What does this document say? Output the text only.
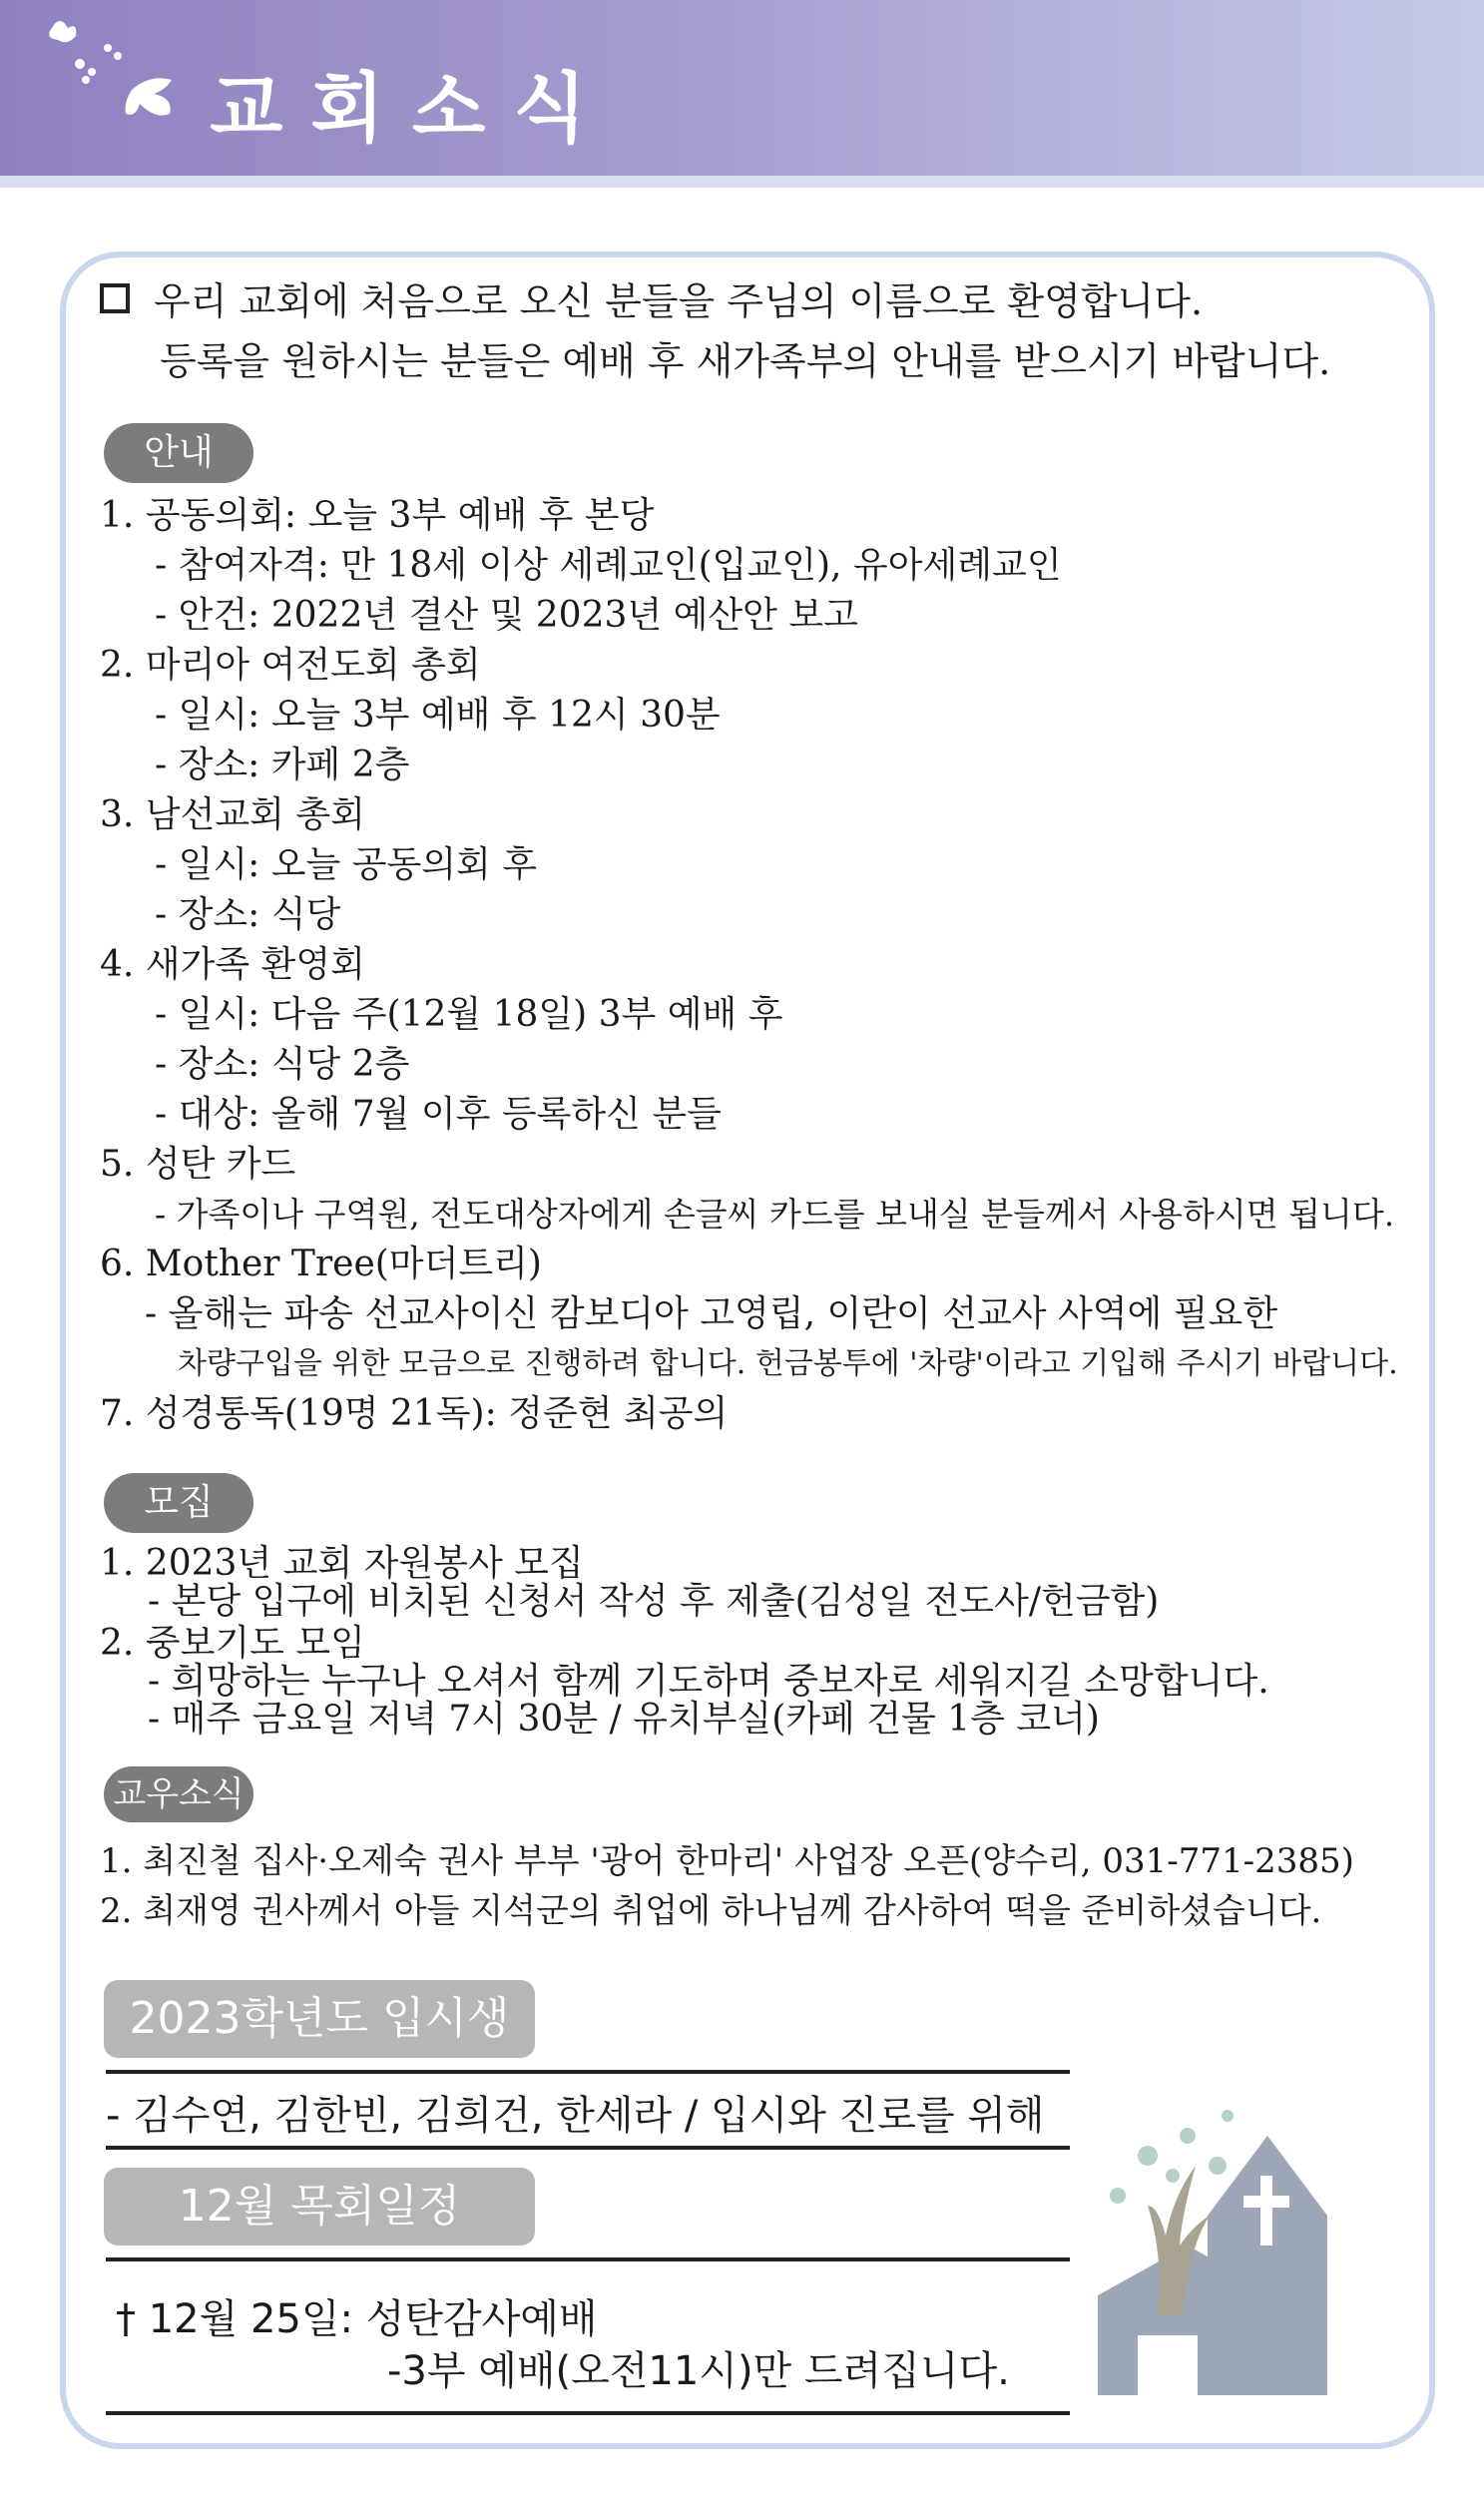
교회소식
우리 교회에 처음으로 오신 분들을 주님의 이름으로 환영합니다.
등록을 원하시는 분들은 예배 후 새가족부의 안내를 받으시기 바랍니다.
안내
1. 공동의회: 오늘 3부 예배 후 본당
- 참여자격: 만 18세 이상 세례교인(입교인), 유아세례교인
- 안건: 2022년 결산 및 2023년 예산안 보고
2. 마리아 여전도회 총회
- 일시: 오늘 3부 예배 후 12시 30분
- 장소: 카페 2층
3. 남선교회 총회
- 일시: 오늘 공동의회 후
- 장소: 식당
4. 새가족 환영회
- 일시: 다음 주(12월 18일) 3부 예배 후
- 장소: 식당 2층
- 대상: 올해 7월 이후 등록하신 분들
5. 성탄 카드
- 가족이나 구역원, 전도대상자에게 손글씨 카드를 보내실 분들께서 사용하시면 됩니다.
6. Mother Tree(마더트리)
- 올해는 파송 선교사이신 캄보디아 고영립, 이란이 선교사 사역에 필요한
차량구입을 위한 모금으로 진행하려 합니다. 헌금봉투에 '차량'이라고 기입해 주시기 바랍니다.
7. 성경통독(19명 21독): 정준현 최공의
모집
1. 2023년 교회 자원봉사 모집
- 본당 입구에 비치된 신청서 작성 후 제출(김성일 전도사/헌금함)
2. 중보기도 모임
- 희망하는 누구나 오셔서 함께 기도하며 중보자로 세워지길 소망합니다.
- 매주 금요일 저녁 7시 30분 / 유치부실(카페 건물 1층 코너)
교우소식
1. 최진철 집사·오제숙 권사 부부 '광어 한마리' 사업장 오픈(양수리, 031-771-2385)
2. 최재영 권사께서 아들 지석군의 취업에 하나님께 감사하여 떡을 준비하셨습니다.
2023학년도 입시생
- 김수연, 김한빈, 김희건, 한세라 / 입시와 진로를 위해
12월 목회일정
† 12월 25일: 성탄감사예배
-3부 예배(오전11시)만 드려집니다.
